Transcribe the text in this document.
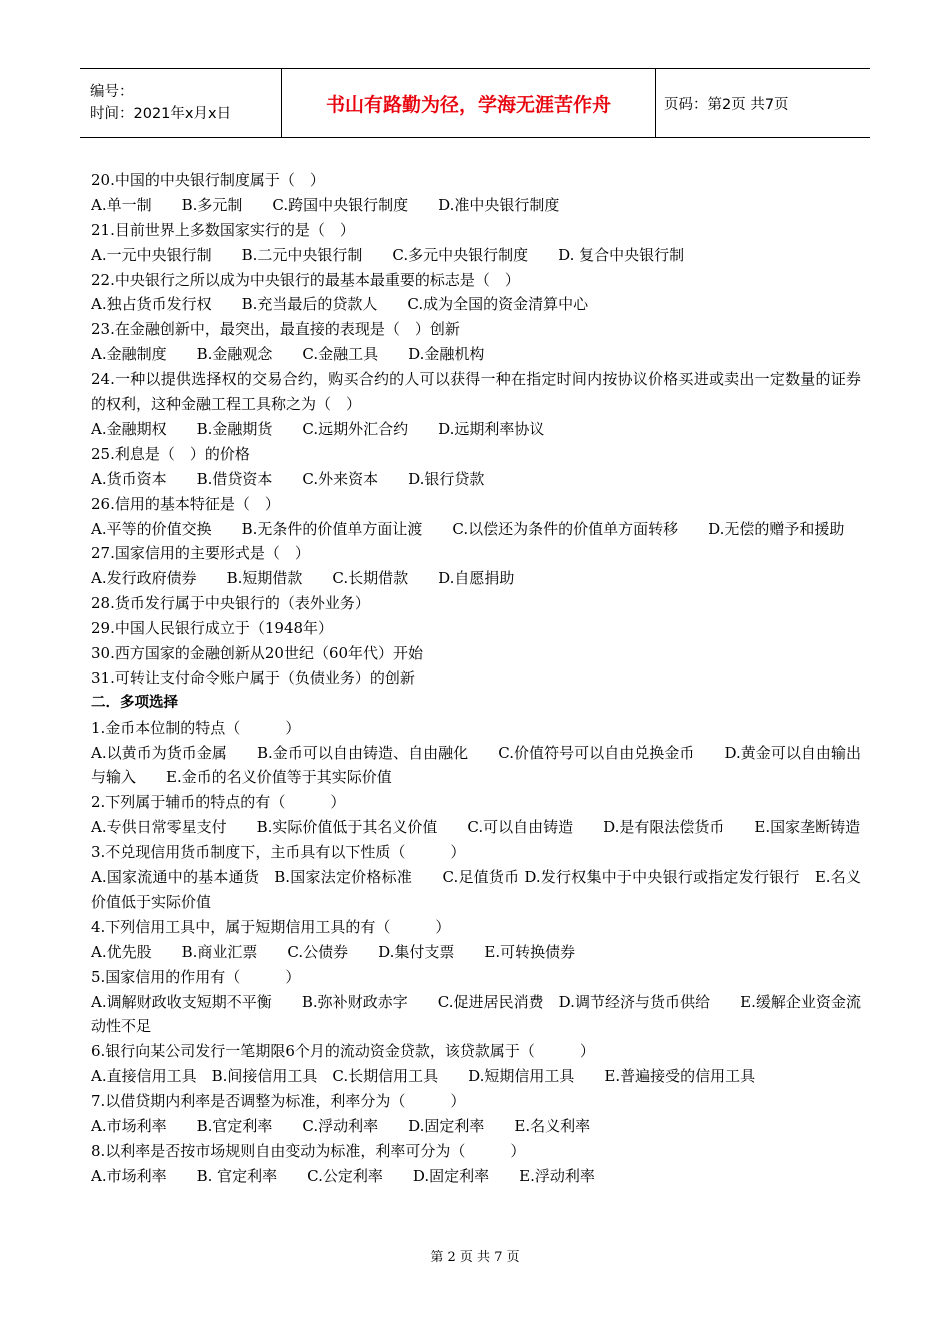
编号：
时间：2021年x月x日	书山有路勤为径，学海无涯苦作舟	页码：第2页 共7页
20.中国的中央银行制度属于（　）
A.单一制　　B.多元制　　C.跨国中央银行制度　　D.准中央银行制度
21.目前世界上多数国家实行的是（　）
A.一元中央银行制　　B.二元中央银行制　　C.多元中央银行制度　　D. 复合中央银行制
22.中央银行之所以成为中央银行的最基本最重要的标志是（　）
A.独占货币发行权　　B.充当最后的贷款人　　C.成为全国的资金清算中心
23.在金融创新中，最突出，最直接的表现是（　）创新
A.金融制度　　B.金融观念　　C.金融工具　　D.金融机构
24.一种以提供选择权的交易合约，购买合约的人可以获得一种在指定时间内按协议价格买进或卖出一定数量的证券的权利，这种金融工程工具称之为（　）
A.金融期权　　B.金融期货　　C.远期外汇合约　　D.远期利率协议
25.利息是（　）的价格
A.货币资本　　B.借贷资本　　C.外来资本　　D.银行贷款
26.信用的基本特征是（　）
A.平等的价值交换　　B.无条件的价值单方面让渡　　C.以偿还为条件的价值单方面转移　　D.无偿的赠予和援助
27.国家信用的主要形式是（　）
A.发行政府债券　　B.短期借款　　C.长期借款　　D.自愿捐助
28.货币发行属于中央银行的（表外业务）
29.中国人民银行成立于（1948年）
30.西方国家的金融创新从20世纪（60年代）开始
31.可转让支付命令账户属于（负债业务）的创新
二．多项选择
1.金币本位制的特点（　　　）
A.以黄币为货币金属　　B.金币可以自由铸造、自由融化　　C.价值符号可以自由兑换金币　　D.黄金可以自由输出与输入　　E.金币的名义价值等于其实际价值
2.下列属于辅币的特点的有（　　　）
A.专供日常零星支付　　B.实际价值低于其名义价值　　C.可以自由铸造　　D.是有限法偿货币　　E.国家垄断铸造
3.不兑现信用货币制度下，主币具有以下性质（　　　）
A.国家流通中的基本通货　B.国家法定价格标准　　C.足值货币 D.发行权集中于中央银行或指定发行银行　E.名义价值低于实际价值
4.下列信用工具中，属于短期信用工具的有（　　　）
A.优先股　　B.商业汇票　　C.公债券　　D.集付支票　　E.可转换债券
5.国家信用的作用有（　　　）
A.调解财政收支短期不平衡　　B.弥补财政赤字　　C.促进居民消费　D.调节经济与货币供给　　E.缓解企业资金流动性不足
6.银行向某公司发行一笔期限6个月的流动资金贷款，该贷款属于（　　　）
A.直接信用工具　B.间接信用工具　C.长期信用工具　　D.短期信用工具　　E.普遍接受的信用工具
7.以借贷期内利率是否调整为标准，利率分为（　　　）
A.市场利率　　B.官定利率　　C.浮动利率　　D.固定利率　　E.名义利率
8.以利率是否按市场规则自由变动为标准，利率可分为（　　　）
A.市场利率　　B. 官定利率　　C.公定利率　　D.固定利率　　E.浮动利率
第 2 页 共 7 页
